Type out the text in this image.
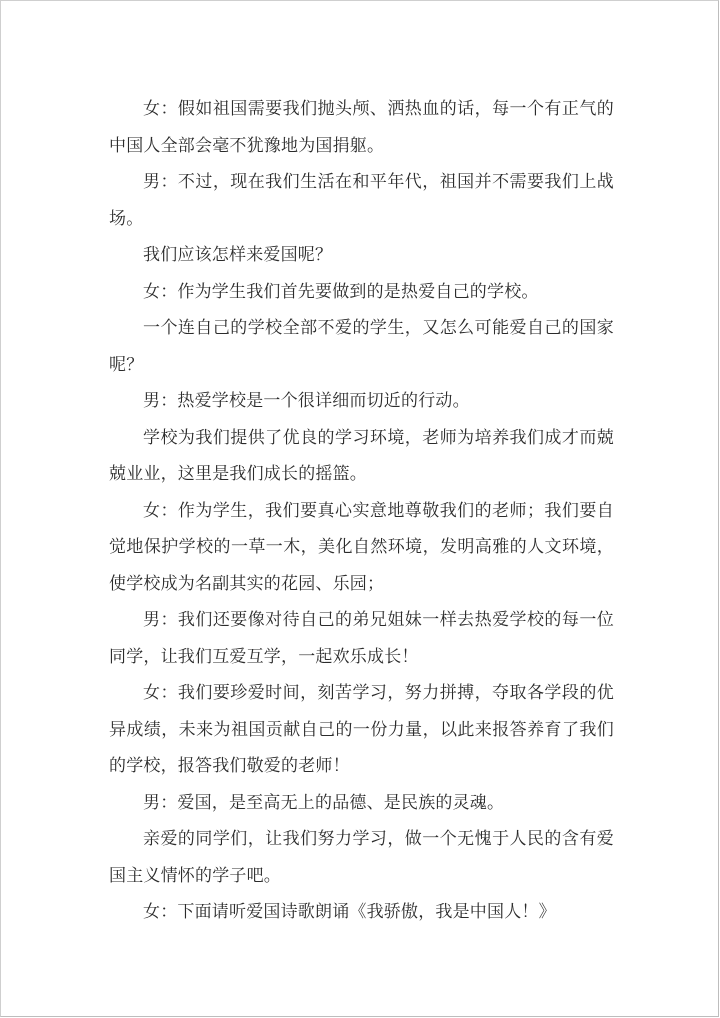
女：假如祖国需要我们抛头颅、洒热血的话，每一个有正气的中国人全部会毫不犹豫地为国捐躯。

男：不过，现在我们生活在和平年代，祖国并不需要我们上战场。

我们应该怎样来爱国呢？

女：作为学生我们首先要做到的是热爱自己的学校。

一个连自己的学校全部不爱的学生，又怎么可能爱自己的国家呢？

男：热爱学校是一个很详细而切近的行动。

学校为我们提供了优良的学习环境，老师为培养我们成才而兢兢业业，这里是我们成长的摇篮。

女：作为学生，我们要真心实意地尊敬我们的老师；我们要自觉地保护学校的一草一木，美化自然环境，发明高雅的人文环境，使学校成为名副其实的花园、乐园；

男：我们还要像对待自己的弟兄姐妹一样去热爱学校的每一位同学，让我们互爱互学，一起欢乐成长！

女：我们要珍爱时间，刻苦学习，努力拼搏，夺取各学段的优异成绩，未来为祖国贡献自己的一份力量，以此来报答养育了我们的学校，报答我们敬爱的老师！

男：爱国，是至高无上的品德、是民族的灵魂。

亲爱的同学们，让我们努力学习，做一个无愧于人民的含有爱国主义情怀的学子吧。

女：下面请听爱国诗歌朗诵《我骄傲，我是中国人！》
